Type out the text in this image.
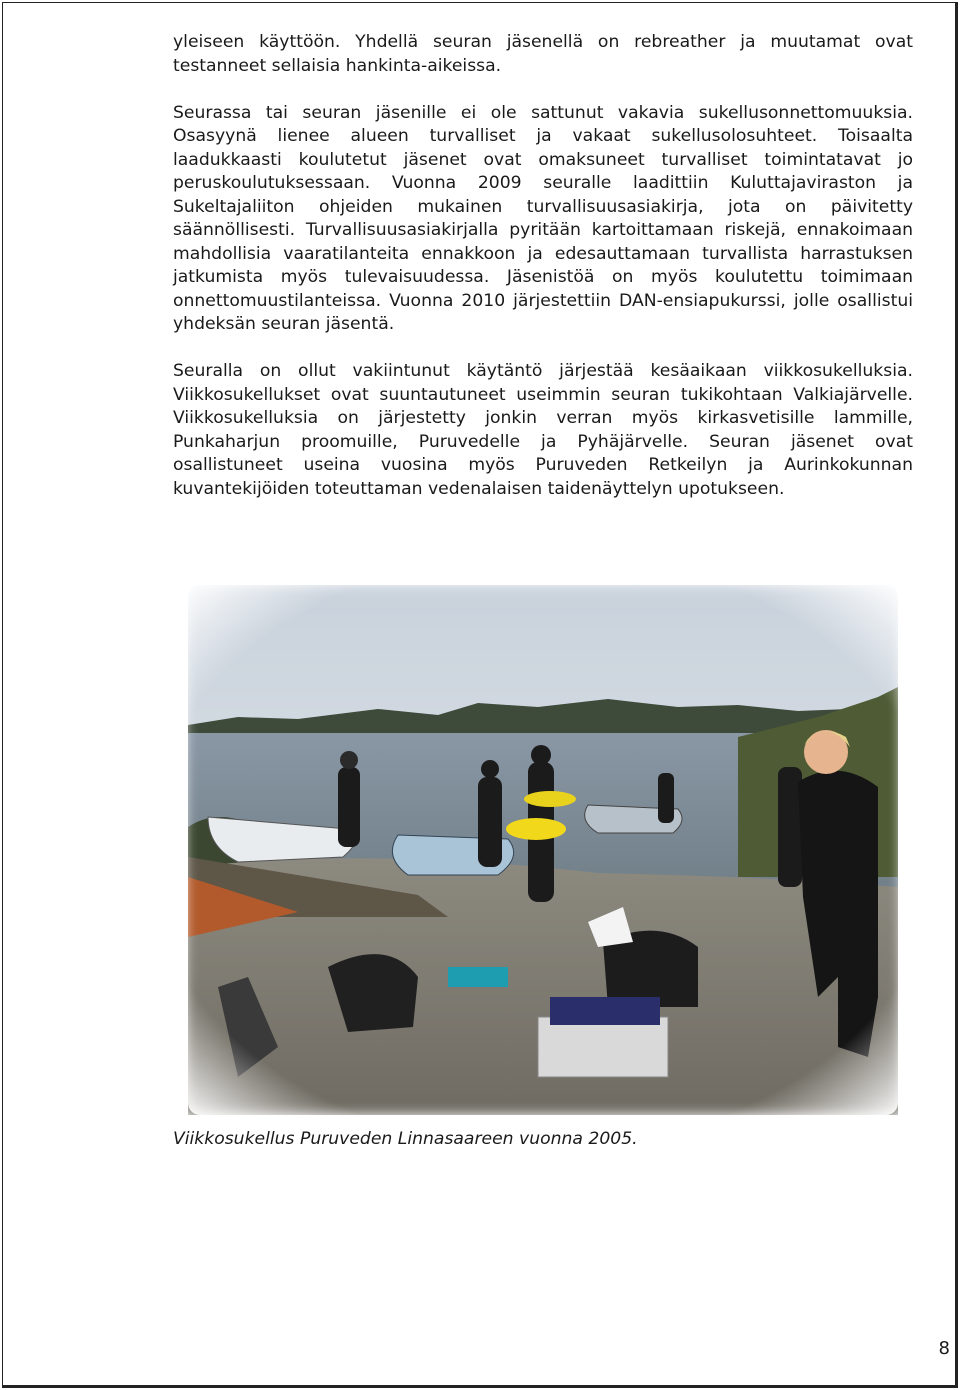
yleiseen käyttöön. Yhdellä seuran jäsenellä on rebreather ja muutamat ovat testanneet sellaisia hankinta-aikeissa.

Seurassa tai seuran jäsenille ei ole sattunut vakavia sukellusonnettomuuksia. Osasyynä lienee alueen turvalliset ja vakaat sukellusolosuhteet. Toisaalta laadukkaasti koulutetut jäsenet ovat omaksuneet turvalliset toimintatavat jo peruskoulutuksessaan. Vuonna 2009 seuralle laadittiin Kuluttajaviraston ja Sukeltajaliiton ohjeiden mukainen turvallisuusasiakirja, jota on päivitetty säännöllisesti. Turvallisuusasiakirjalla pyritään kartoittamaan riskejä, ennakoimaan mahdollisia vaaratilanteita ennakkoon ja edesauttamaan turvallista harrastuksen jatkumista myös tulevaisuudessa. Jäsenistöä on myös koulutettu toimimaan onnettomuustilanteissa. Vuonna 2010 järjestettiin DAN-ensiapukurssi, jolle osallistui yhdeksän seuran jäsentä.

Seuralla on ollut vakiintunut käytäntö järjestää kesäaikaan viikkosukelluksia. Viikkosukellukset ovat suuntautuneet useimmin seuran tukikohtaan Valkiajärvelle. Viikkosukelluksia on järjestetty jonkin verran myös kirkasvetisille lammille, Punkaharjun proomuille, Puruvedelle ja Pyhäjärvelle. Seuran jäsenet ovat osallistuneet useina vuosina myös Puruveden Retkeilyn ja Aurinkokunnan kuvantekijöiden toteuttaman vedenalaisen taidenäyttelyn upotukseen.

Viikkosukellus Puruveden Linnasaareen vuonna 2005.
8
